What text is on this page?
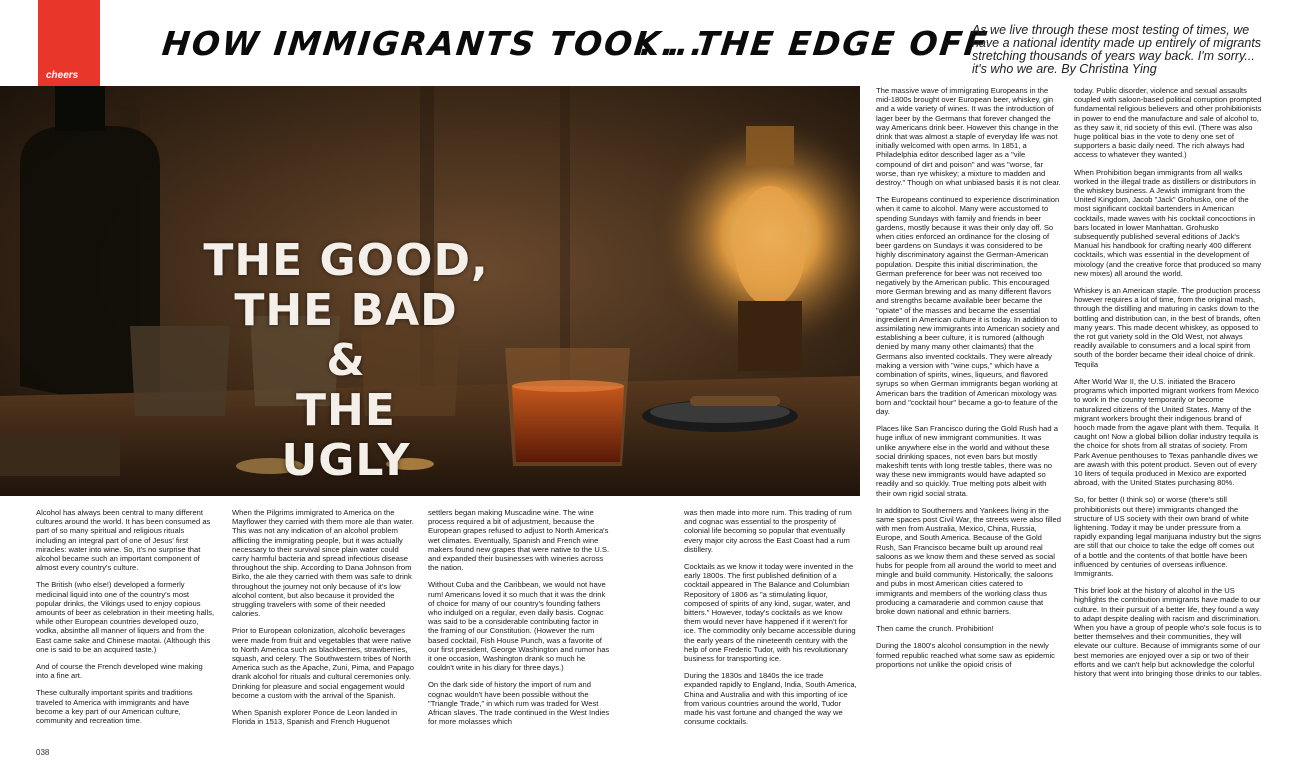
cheers
HOW IMMIGRANTS TOOK...
. . THE EDGE OFF
As we live through these most testing of times, we have a national identity made up entirely of migrants stretching thousands of years way back. I'm sorry... it's who we are. By Christina Ying
THE GOOD,
THE BAD
&
THE
UGLY

Alcohol has always been central to many different cultures around the world. It has been consumed as part of so many spiritual and religious rituals including an integral part of one of Jesus' first miracles: water into wine. So, it's no surprise that alcohol became such an important component of almost every country's culture.

The British (who else!) developed a formerly medicinal liquid into one of the country's most popular drinks, the Vikings used to enjoy copious amounts of beer as celebration in their meeting halls, while other European countries developed ouzo, vodka, absinthe all manner of liquers and from the East came sake and Chinese maotai. (Although this one is said to be an acquired taste.)

And of course the French developed wine making into a fine art.

These culturally important spirits and traditions traveled to America with immigrants and have become a key part of our American culture, community and recreation time.

When the Pilgrims immigrated to America on the Mayflower they carried with them more ale than water. This was not any indication of an alcohol problem afflicting the immigrating people, but it was actually necessary to their survival since plain water could carry harmful bacteria and spread infectious disease throughout the ship. According to Dana Johnson from Birko, the ale they carried with them was safe to drink throughout the journey not only because of it's low alcohol content, but also because it provided the struggling travelers with some of their needed calories.

Prior to European colonization, alcoholic beverages were made from fruit and vegetables that were native to North America such as blackberries, strawberries, squash, and celery. The Southwestern tribes of North America such as the Apache, Zuni, Pima, and Papago drank alcohol for rituals and cultural ceremonies only. Drinking for pleasure and social engagement would become a custom with the arrival of the Spanish.

When Spanish explorer Ponce de Leon landed in Florida in 1513, Spanish and French Huguenot

settlers began making Muscadine wine. The wine process required a bit of adjustment, because the European grapes refused to adjust to North America's wet climates. Eventually, Spanish and French wine makers found new grapes that were native to the U.S. and expanded their businesses with wineries across the nation.

Without Cuba and the Caribbean, we would not have rum! Americans loved it so much that it was the drink of choice for many of our country's founding fathers who indulged on a regular, even daily basis. Cognac was said to be a considerable contributing factor in the framing of our Constitution. (However the rum based cocktail, Fish House Punch, was a favorite of our first president, George Washington and rumor has it one occasion, Washington drank so much he couldn't write in his diary for three days.)

On the dark side of history the import of rum and cognac wouldn't have been possible without the "Triangle Trade," in which rum was traded for West African slaves. The trade continued in the West Indies for more molasses which

was then made into more rum. This trading of rum and cognac was essential to the prosperity of colonial life becoming so popular that eventually every major city across the East Coast had a rum distillery.

Cocktails as we know it today were invented in the early 1800s. The first published definition of a cocktail appeared in The Balance and Columbian Repository of 1806 as "a stimulating liquor, composed of spirits of any kind, sugar, water, and bitters." However, today's cocktails as we know them would never have happened if it weren't for ice. The commodity only became accessible during the early years of the nineteenth century with the help of one Frederic Tudor, with his revolutionary business for transporting ice.

During the 1830s and 1840s the ice trade expanded rapidly to England, India, South America, China and Australia and with this importing of ice from various countries around the world, Tudor made his vast fortune and changed the way we consume cocktails.

The massive wave of immigrating Europeans in the mid-1800s brought over European beer, whiskey, gin and a wide variety of wines. It was the introduction of lager beer by the Germans that forever changed the way Americans drink beer. However this change in the drink that was almost a staple of everyday life was not initially welcomed with open arms. In 1851, a Philadelphia editor described lager as a "vile compound of dirt and poison" and was "worse, far worse, than rye whiskey; a mixture to madden and destroy." Though on what unbiased basis it is not clear.

The Europeans continued to experience discrimination when it came to alcohol. Many were accustomed to spending Sundays with family and friends in beer gardens, mostly because it was their only day off. So when cities enforced an ordinance for the closing of beer gardens on Sundays it was considered to be highly discriminatory against the German-American population. Despite this initial discrimination, the German preference for beer was not received too negatively by the American public. This encouraged more German brewing and as many different flavors and strengths became available beer became the "opiate" of the masses and became the essential ingredient in American culture it is today. In addition to assimilating new immigrants into American society and establishing a beer culture, it is rumored (although denied by many many other claimants) that the Germans also invented cocktails. They were already making a version with "wine cups," which have a combination of spirits, wines, liqueurs, and flavored syrups so when German immigrants began working at American bars the tradition of American mixology was born and "cocktail hour" became a go-to feature of the day.

Places like San Francisco during the Gold Rush had a huge influx of new immigrant communities. It was unlike anywhere else in the world and without these social drinking spaces, not even bars but mostly makeshift tents with long trestle tables, there was no way these new immigrants would have adapted so readily and so quickly. True melting pots albeit with their own rigid social strata.

In addition to Southerners and Yankees living in the same spaces post Civil War, the streets were also filled with men from Australia, Mexico, China, Russia, Europe, and South America. Because of the Gold Rush, San Francisco became built up around real saloons as we know them and these served as social hubs for people from all around the world to meet and mingle and build community. Historically, the saloons and pubs in most American cities catered to immigrants and members of the working class thus producing a camaraderie and common cause that broke down national and ethnic barriers.

Then came the crunch. Prohibition!

During the 1800's alcohol consumption in the newly formed republic reached what some saw as epidemic proportions not unlike the opioid crisis of

today. Public disorder, violence and sexual assaults coupled with saloon-based political corruption prompted fundamental religious believers and other prohibitionists in power to end the manufacture and sale of alcohol to, as they saw it, rid society of this evil. (There was also huge political bias in the vote to deny one set of supporters a basic daily need. The rich always had access to whatever they wanted.)

When Prohibition began immigrants from all walks worked in the illegal trade as distillers or distributors in the whiskey business. A Jewish immigrant from the United Kingdom, Jacob "Jack" Grohusko, one of the most significant cocktail bartenders in American cocktails, made waves with his cocktail concoctions in bars located in lower Manhattan. Grohusko subsequently published several editions of Jack's Manual his handbook for crafting nearly 400 different cocktails, which was essential in the development of mixology (and the creative force that produced so many new mixes) all around the world.

Whiskey is an American staple. The production process however requires a lot of time, from the original mash, through the distilling and maturing in casks down to the bottling and distribution can, in the best of brands, often many years. This made decent whiskey, as opposed to the rot gut variety sold in the Old West, not always readily available to consumers and a local spirit from south of the border became their ideal choice of drink. Tequila

After World War II, the U.S. initiated the Bracero programs which imported migrant workers from Mexico to work in the country temporarily or become naturalized citizens of the United States. Many of the migrant workers brought their indigenous brand of hooch made from the agave plant with them. Tequila. It caught on! Now a global billion dollar industry tequila is the choice for shots from all stratas of society. From Park Avenue penthouses to Texas panhandle dives we are awash with this potent product. Seven out of every 10 liters of tequila produced in Mexico are exported abroad, with the United States purchasing 80%.

So, for better (I think so) or worse (there's still prohibitionists out there) immigrants changed the structure of US society with their own brand of white lightening. Today it may be under pressure from a rapidly expanding legal marijuana industry but the signs are still that our choice to take the edge off comes out of a bottle and the contents of that bottle have been influenced by centuries of overseas influence. Immigrants.

This brief look at the history of alcohol in the US highlights the contribution immigrants have made to our culture. In their pursuit of a better life, they found a way to adapt despite dealing with racism and discrimination. When you have a group of people who's sole focus is to better themselves and their communities, they will elevate our culture. Because of immigrants some of our best memories are enjoyed over a sip or two of their efforts and we can't help but acknowledge the colorful history that went into bringing those drinks to our tables.

038
